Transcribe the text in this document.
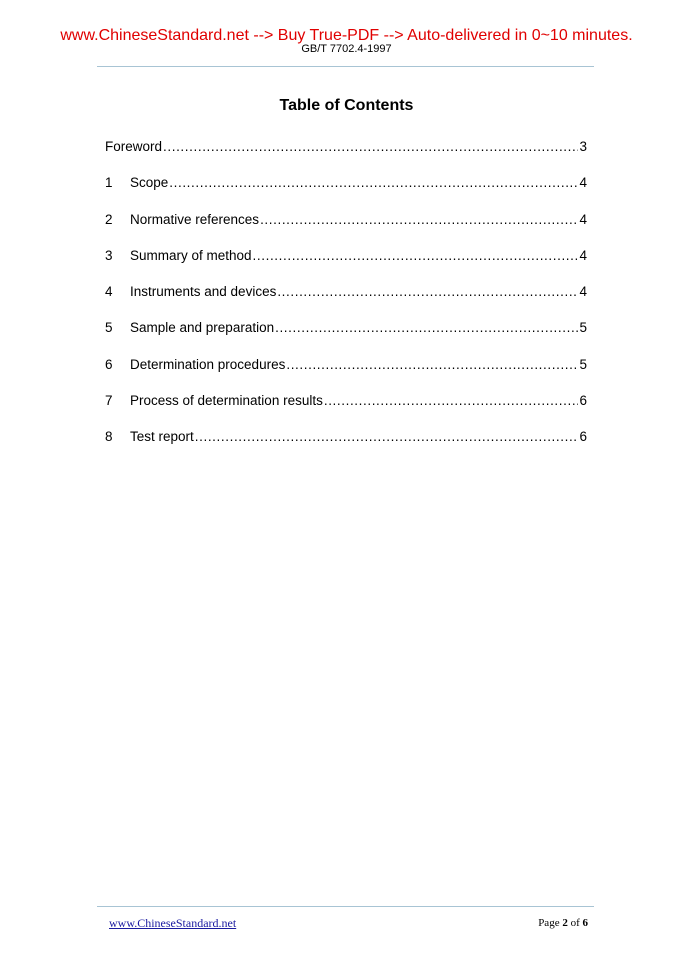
www.ChineseStandard.net --> Buy True-PDF --> Auto-delivered in 0~10 minutes.
GB/T 7702.4-1997
Table of Contents
Foreword .....	3
1	Scope .....	4
2	Normative references .....	4
3	Summary of method .....	4
4	Instruments and devices .....	4
5	Sample and preparation .....	5
6	Determination procedures .....	5
7	Process of determination results .....	6
8	Test report .....	6
www.ChineseStandard.net	Page 2 of 6
